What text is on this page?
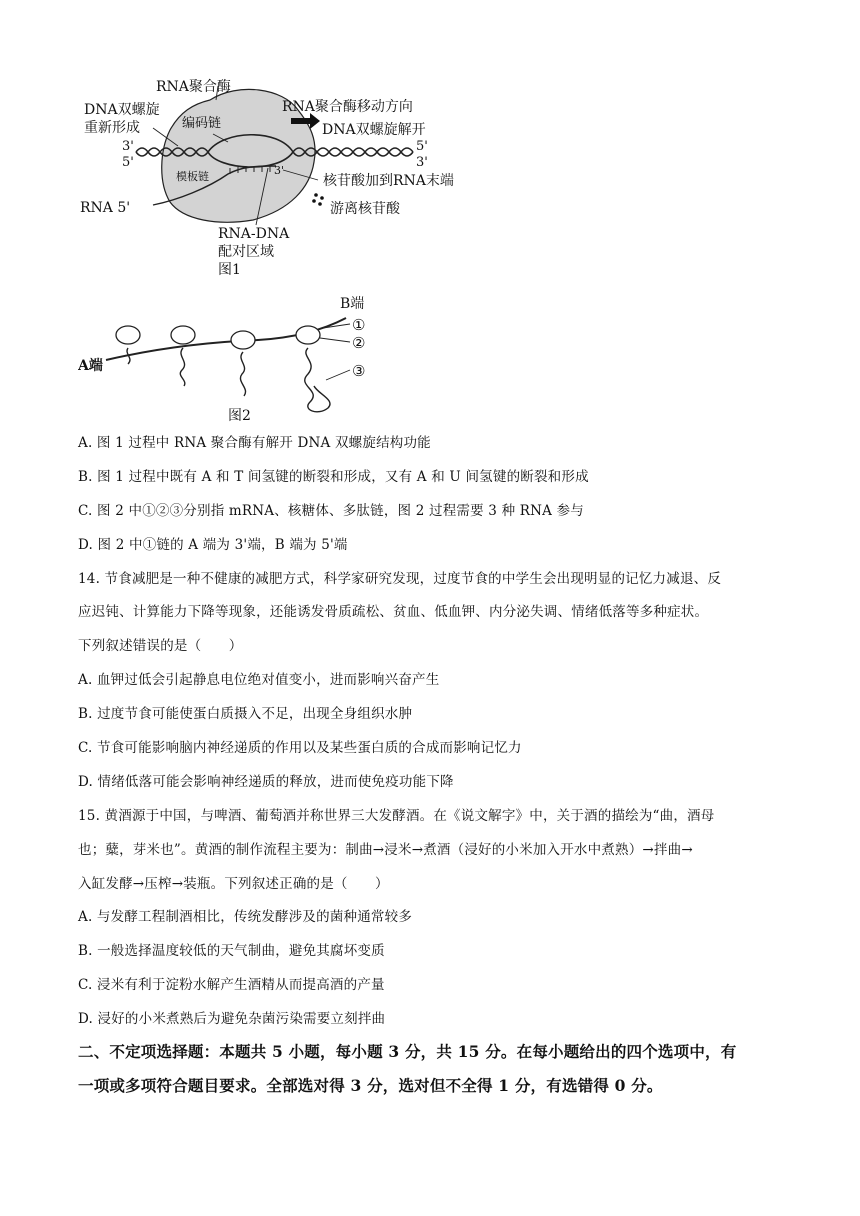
RNA聚合酶
DNA双螺旋
重新形成	编码链
RNA聚合酶移动方向
DNA双螺旋解开
3'
5'
5'
3'
3'
模板链	核苷酸加到RNA末端
RNA 5'	游离核苷酸
RNA-DNA
配对区域
图1
B端
A端
①
②
③
图2
A. 图 1 过程中 RNA 聚合酶有解开 DNA 双螺旋结构功能
B. 图 1 过程中既有 A 和 T 间氢键的断裂和形成，又有 A 和 U 间氢键的断裂和形成
C. 图 2 中①②③分别指 mRNA、核糖体、多肽链，图 2 过程需要 3 种 RNA 参与
D. 图 2 中①链的 A 端为 3'端，B 端为 5'端
14. 节食减肥是一种不健康的减肥方式，科学家研究发现，过度节食的中学生会出现明显的记忆力减退、反
应迟钝、计算能力下降等现象，还能诱发骨质疏松、贫血、低血钾、内分泌失调、情绪低落等多种症状。
下列叙述错误的是（　　）
A. 血钾过低会引起静息电位绝对值变小，进而影响兴奋产生
B. 过度节食可能使蛋白质摄入不足，出现全身组织水肿
C. 节食可能影响脑内神经递质的作用以及某些蛋白质的合成而影响记忆力
D. 情绪低落可能会影响神经递质的释放，进而使免疫功能下降
15. 黄酒源于中国，与啤酒、葡萄酒并称世界三大发酵酒。在《说文解字》中，关于酒的描绘为“曲，酒母
也；糵，芽米也”。黄酒的制作流程主要为：制曲→浸米→煮酒（浸好的小米加入开水中煮熟）→拌曲→
入缸发酵→压榨→装瓶。下列叙述正确的是（　　）
A. 与发酵工程制酒相比，传统发酵涉及的菌种通常较多
B. 一般选择温度较低的天气制曲，避免其腐坏变质
C. 浸米有利于淀粉水解产生酒精从而提高酒的产量
D. 浸好的小米煮熟后为避免杂菌污染需要立刻拌曲
二、不定项选择题：本题共 5 小题，每小题 3 分，共 15 分。在每小题给出的四个选项中，有
一项或多项符合题目要求。全部选对得 3 分，选对但不全得 1 分，有选错得 0 分。
